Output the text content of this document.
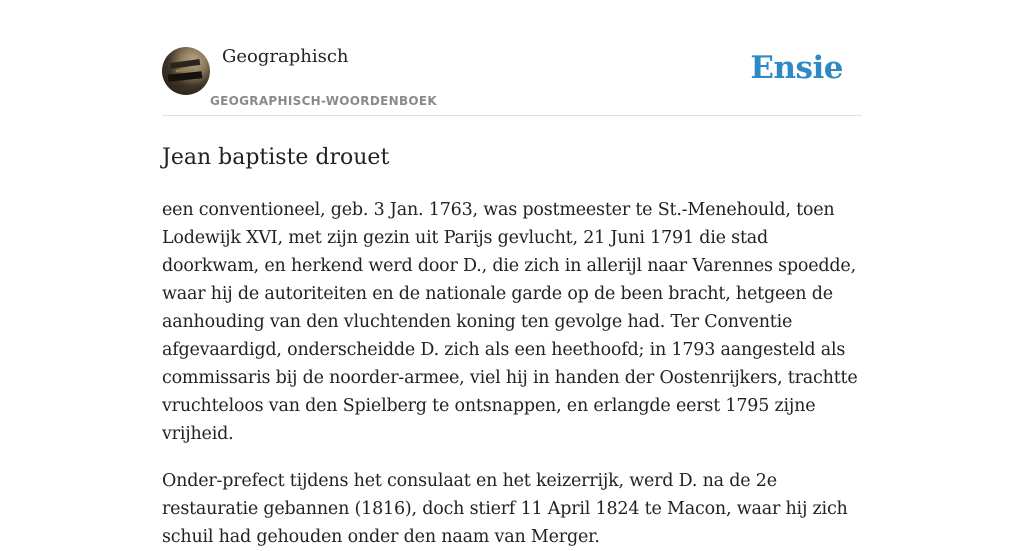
Geographisch
GEOGRAPHISCH-WOORDENBOEK
Ensie
Jean baptiste drouet

een conventioneel, geb. 3 Jan. 1763, was postmeester te St.-Menehould, toen Lodewijk XVI, met zijn gezin uit Parijs gevlucht, 21 Juni 1791 die stad doorkwam, en herkend werd door D., die zich in allerijl naar Varennes spoedde, waar hij de autoriteiten en de nationale garde op de been bracht, hetgeen de aanhouding van den vluchtenden koning ten gevolge had. Ter Conventie afgevaardigd, onderscheidde D. zich als een heethoofd; in 1793 aangesteld als commissaris bij de noorder-armee, viel hij in handen der Oostenrijkers, trachtte vruchteloos van den Spielberg te ontsnappen, en erlangde eerst 1795 zijne vrijheid.

Onder-prefect tijdens het consulaat en het keizerrijk, werd D. na de 2e restauratie gebannen (1816), doch stierf 11 April 1824 te Macon, waar hij zich schuil had gehouden onder den naam van Merger.
